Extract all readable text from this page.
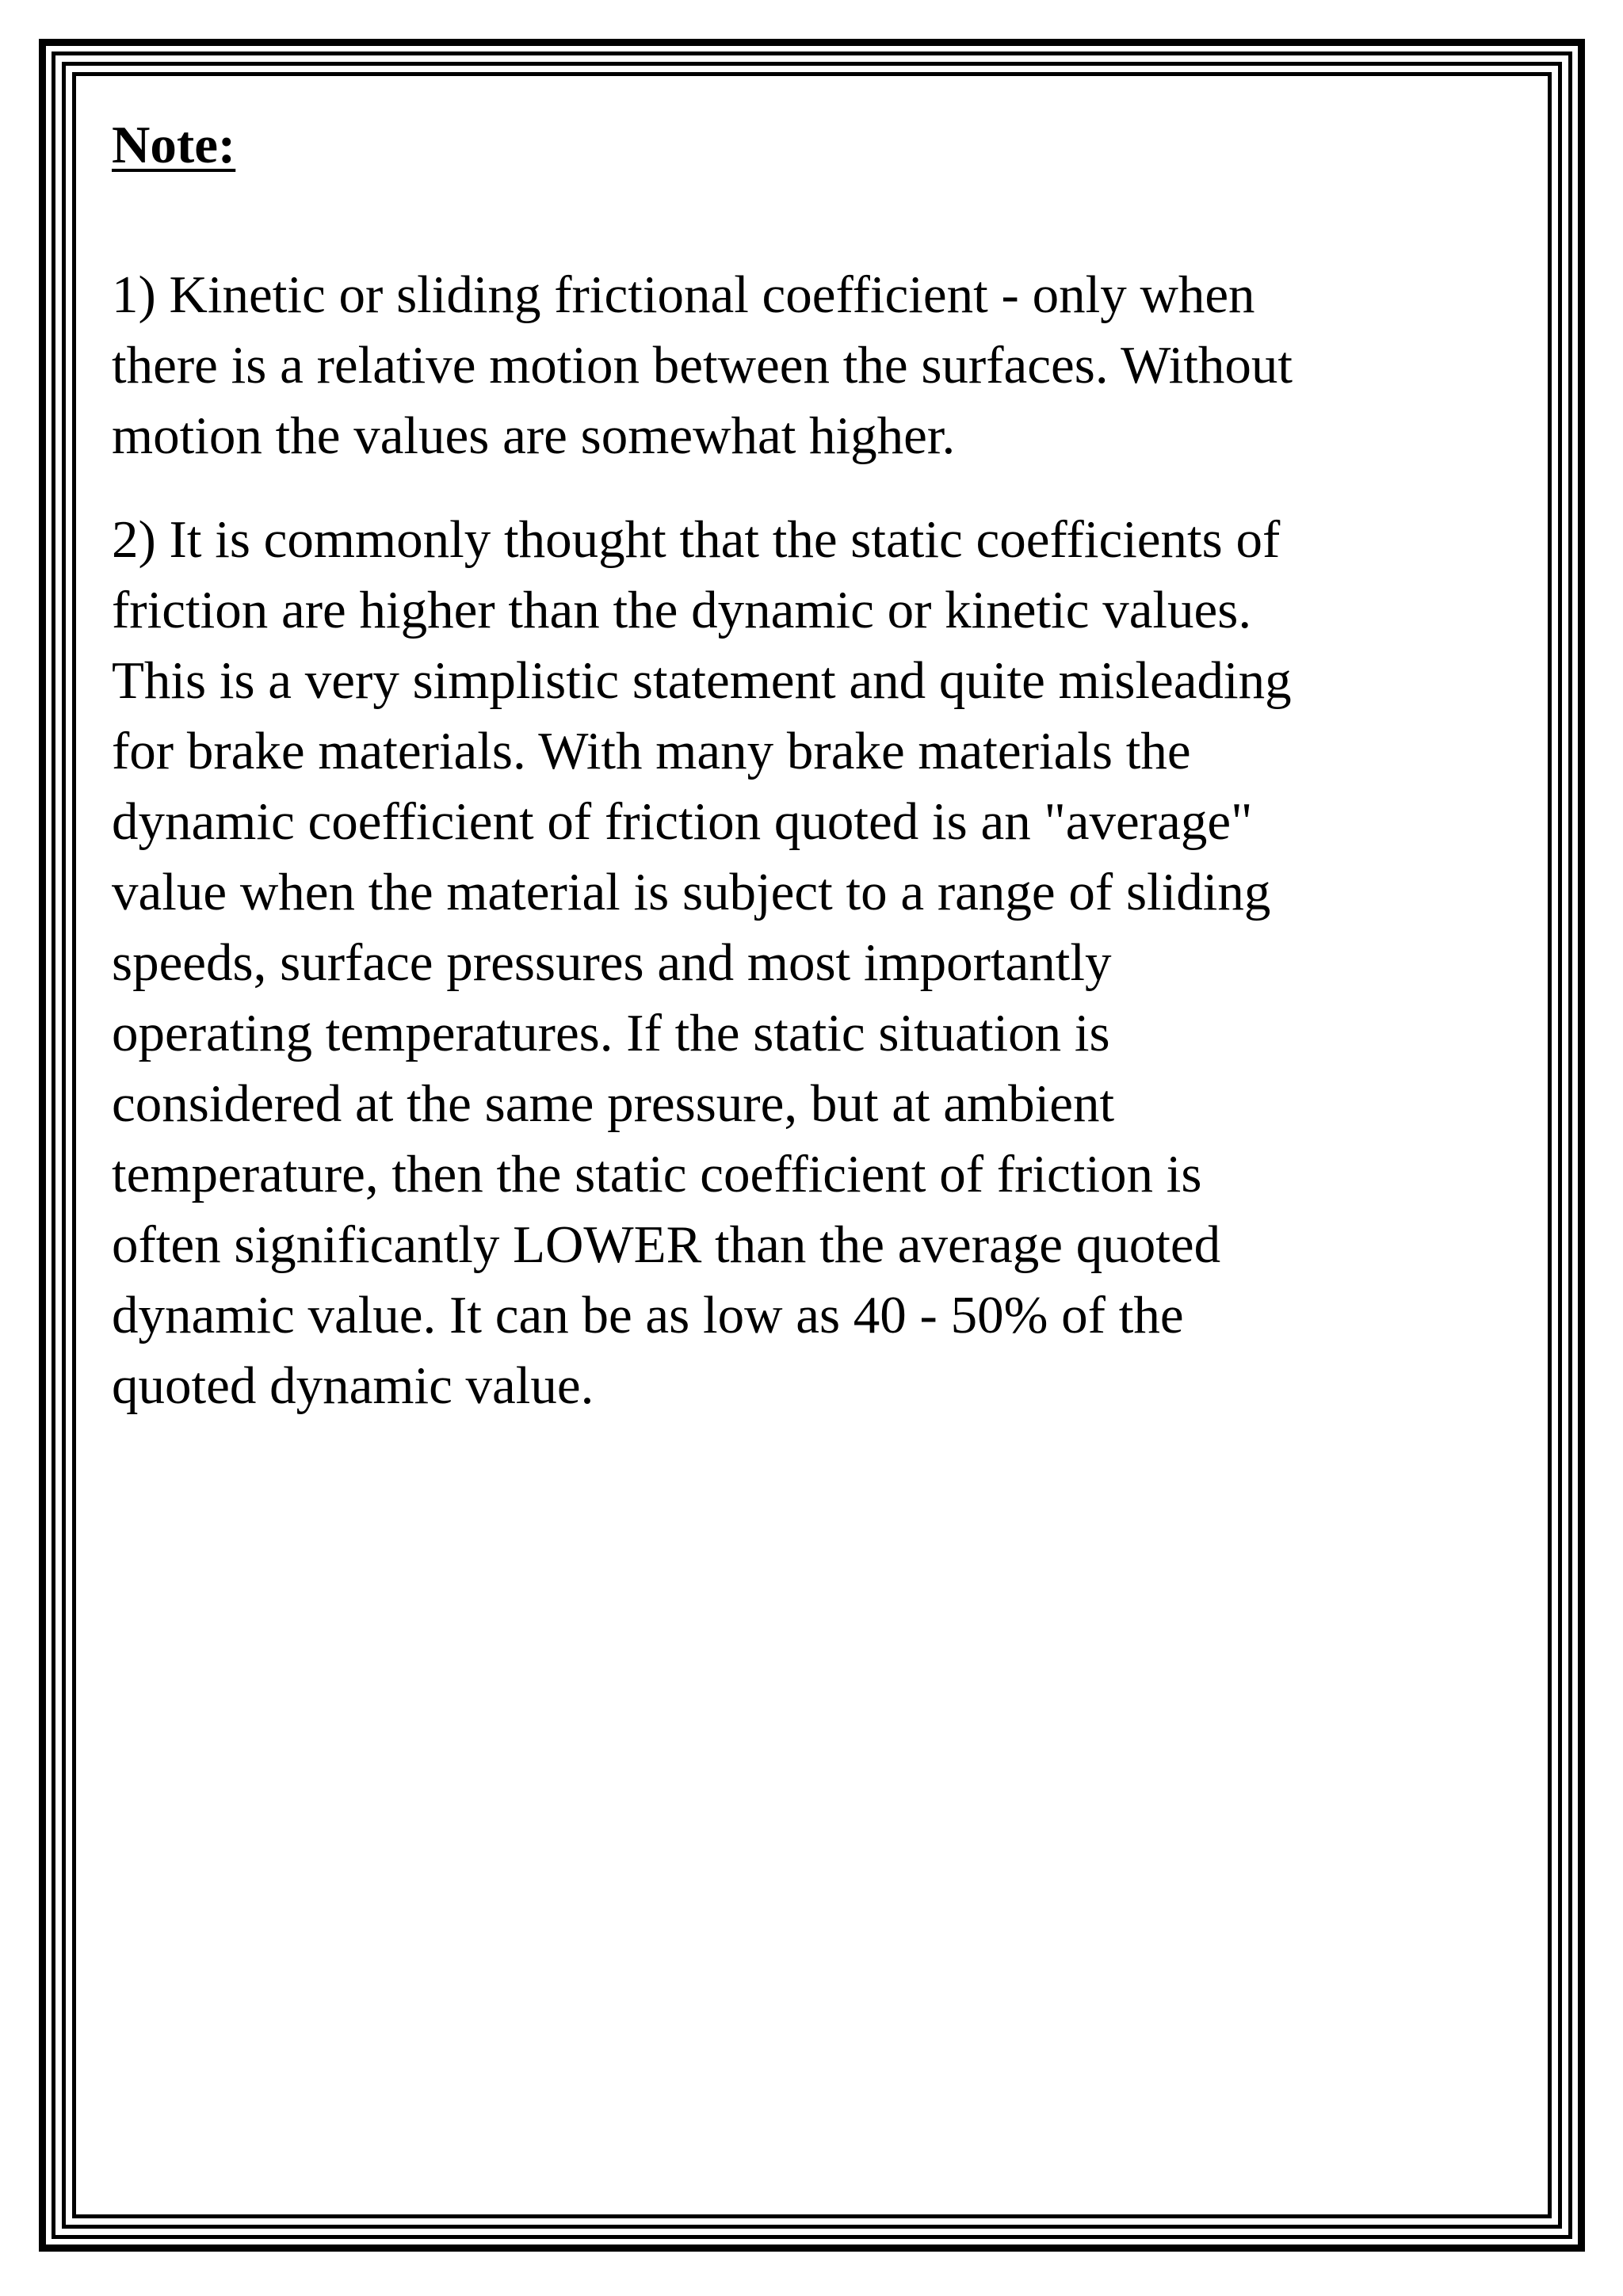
Note:

1) Kinetic or sliding frictional coefficient - only when
there is a relative motion between the surfaces. Without
motion the values are somewhat higher.

2) It is commonly thought that the static coefficients of
friction are higher than the dynamic or kinetic values.
This is a very simplistic statement and quite misleading
for brake materials. With many brake materials the
dynamic coefficient of friction quoted is an "average"
value when the material is subject to a range of sliding
speeds, surface pressures and most importantly
operating temperatures. If the static situation is
considered at the same pressure, but at ambient
temperature, then the static coefficient of friction is
often significantly LOWER than the average quoted
dynamic value. It can be as low as 40 - 50% of the
quoted dynamic value.
